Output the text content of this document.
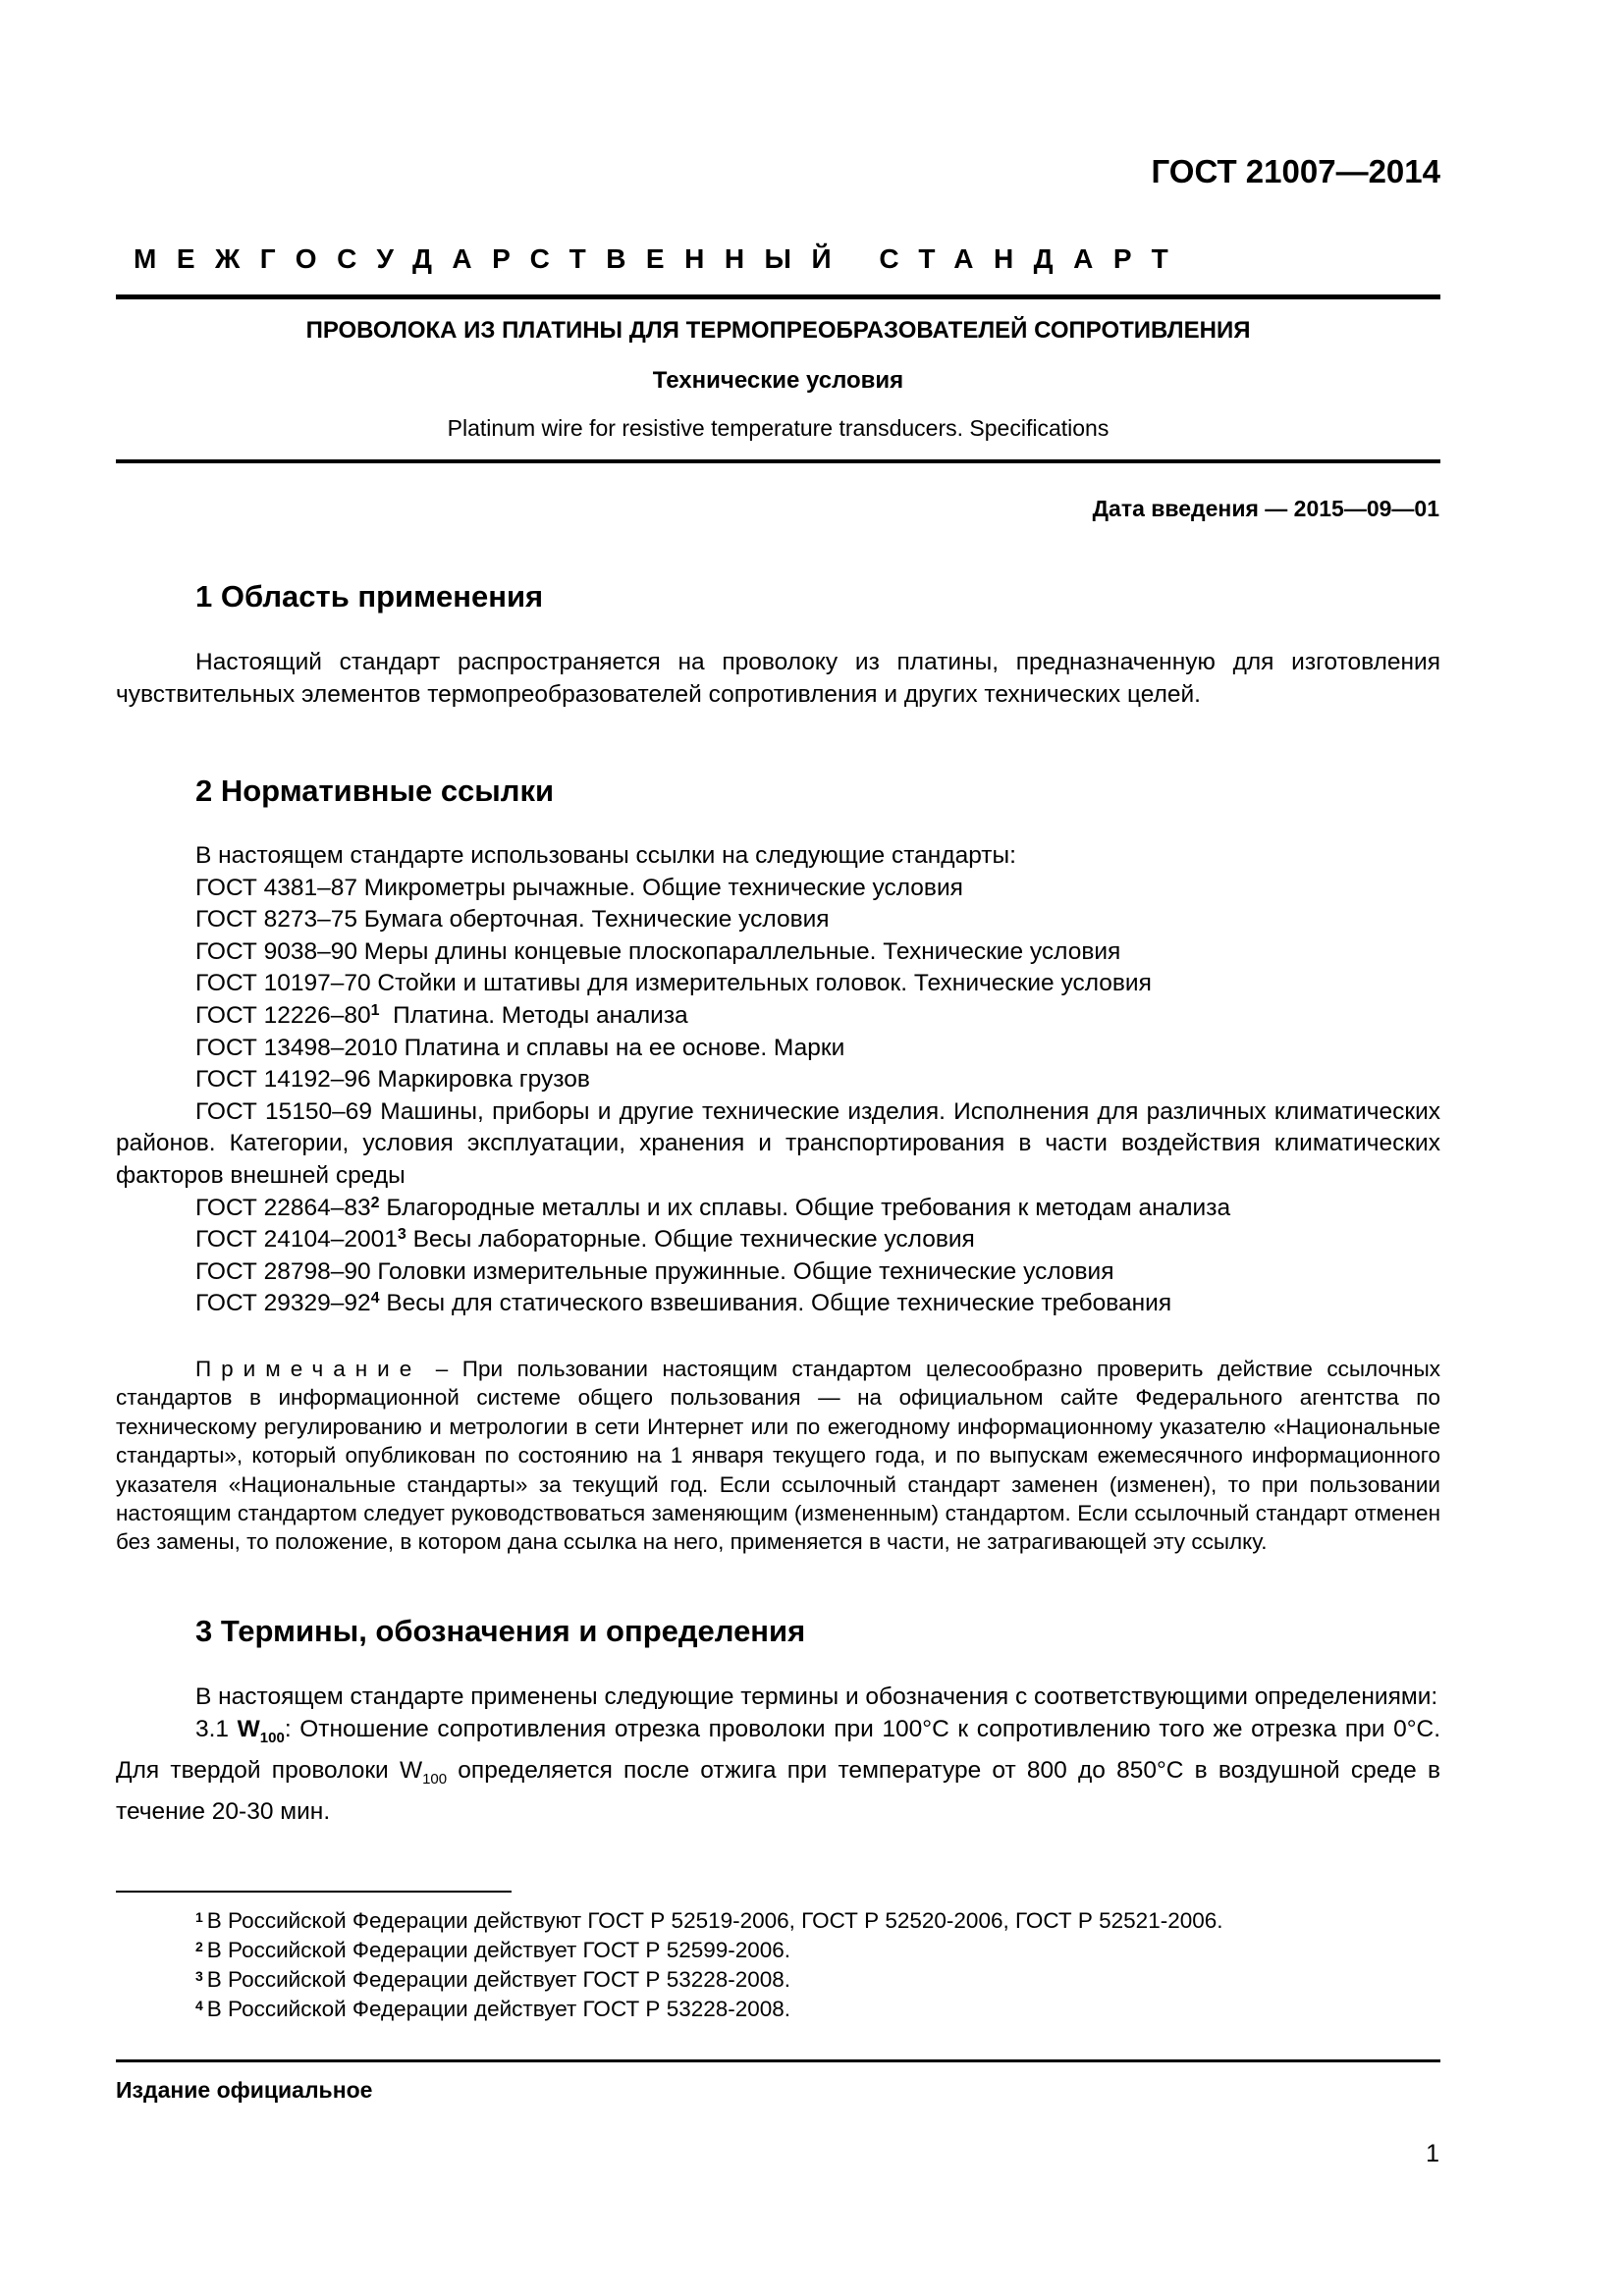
ГОСТ 21007—2014
МЕЖГОСУДАРСТВЕННЫЙ СТАНДАРТ
ПРОВОЛОКА ИЗ ПЛАТИНЫ ДЛЯ ТЕРМОПРЕОБРАЗОВАТЕЛЕЙ СОПРОТИВЛЕНИЯ
Технические условия
Platinum wire for resistive temperature transducers. Specifications
Дата введения — 2015—09—01
1 Область применения
Настоящий стандарт распространяется на проволоку из платины, предназначенную для изготовления чувствительных элементов термопреобразователей сопротивления и других технических целей.
2 Нормативные ссылки
В настоящем стандарте использованы ссылки на следующие стандарты:
ГОСТ 4381–87 Микрометры рычажные. Общие технические условия
ГОСТ 8273–75 Бумага оберточная. Технические условия
ГОСТ 9038–90 Меры длины концевые плоскопараллельные. Технические условия
ГОСТ 10197–70 Стойки и штативы для измерительных головок. Технические условия
ГОСТ 12226–80$^1$ Платина. Методы анализа
ГОСТ 13498–2010 Платина и сплавы на ее основе. Марки
ГОСТ 14192–96 Маркировка грузов
ГОСТ 15150–69 Машины, приборы и другие технические изделия. Исполнения для различных климатических районов. Категории, условия эксплуатации, хранения и транспортирования в части воздействия климатических факторов внешней среды
ГОСТ 22864–83$^2$ Благородные металлы и их сплавы. Общие требования к методам анализа
ГОСТ 24104–2001$^3$ Весы лабораторные. Общие технические условия
ГОСТ 28798–90 Головки измерительные пружинные. Общие технические условия
ГОСТ 29329–92$^4$ Весы для статического взвешивания. Общие технические требования
Примечание – При пользовании настоящим стандартом целесообразно проверить действие ссылочных стандартов в информационной системе общего пользования — на официальном сайте Федерального агентства по техническому регулированию и метрологии в сети Интернет или по ежегодному информационному указателю «Национальные стандарты», который опубликован по состоянию на 1 января текущего года, и по выпускам ежемесячного информационного указателя «Национальные стандарты» за текущий год. Если ссылочный стандарт заменен (изменен), то при пользовании настоящим стандартом следует руководствоваться заменяющим (измененным) стандартом. Если ссылочный стандарт отменен без замены, то положение, в котором дана ссылка на него, применяется в части, не затрагивающей эту ссылку.
3 Термины, обозначения и определения
В настоящем стандарте применены следующие термины и обозначения с соответствующими определениями:
3.1 $W_{100}$: Отношение сопротивления отрезка проволоки при 100°С к сопротивлению того же отрезка при 0°С. Для твердой проволоки $W_{100}$ определяется после отжига при температуре от 800 до 850°С в воздушной среде в течение 20-30 мин.
$^1$ В Российской Федерации действуют ГОСТ Р 52519-2006, ГОСТ Р 52520-2006, ГОСТ Р 52521-2006.
$^2$ В Российской Федерации действует ГОСТ Р 52599-2006.
$^3$ В Российской Федерации действует ГОСТ Р 53228-2008.
$^4$ В Российской Федерации действует ГОСТ Р 53228-2008.
Издание официальное
1
